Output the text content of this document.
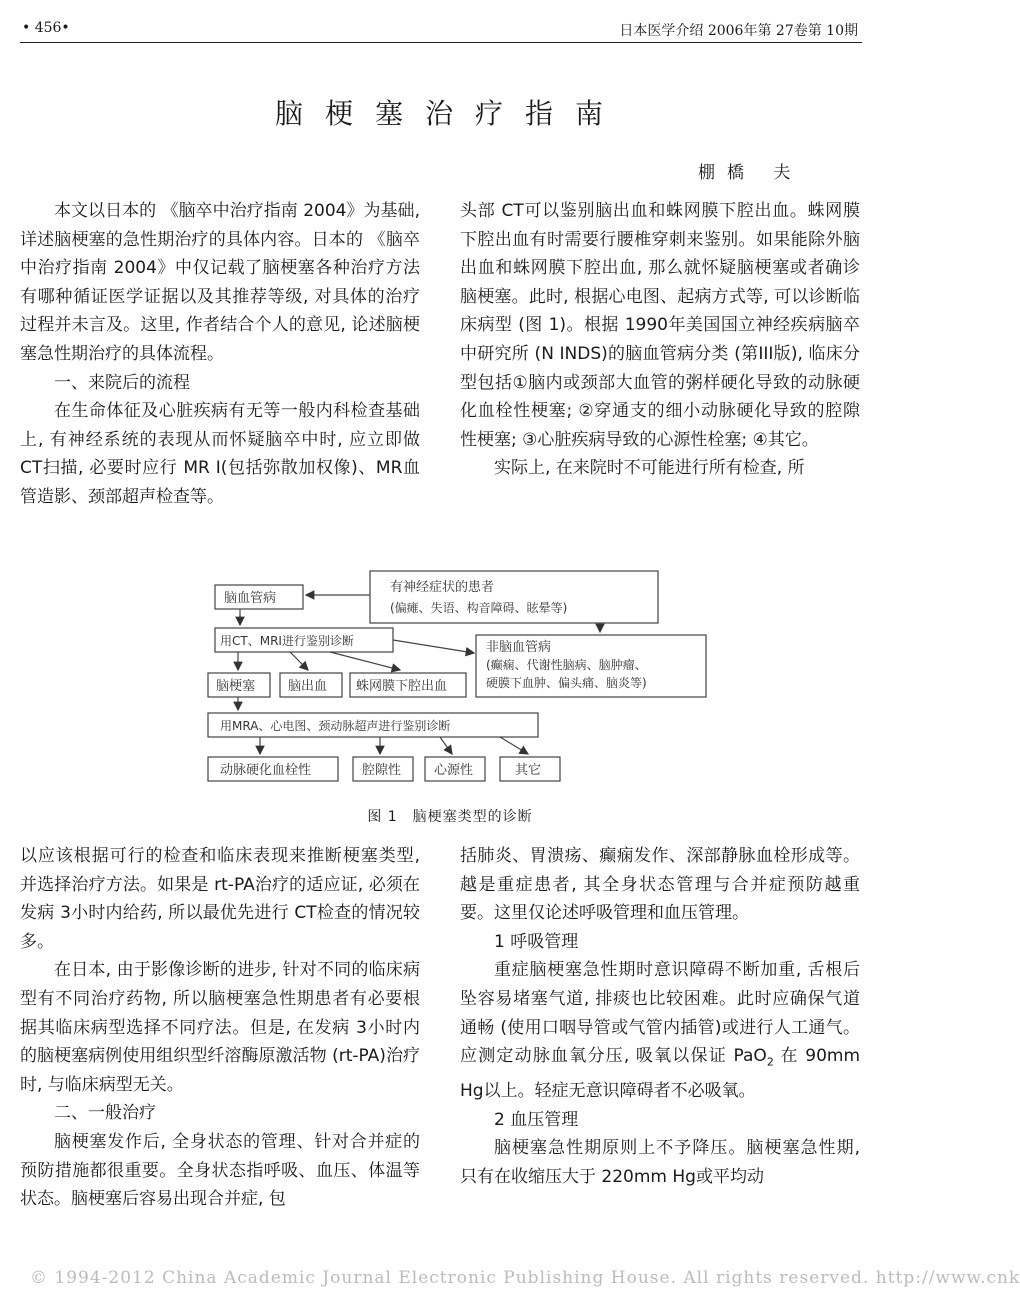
• 456•	日本医学介绍 2006年第 27卷第 10期
脑梗塞治疗指南
棚橋 夫

本文以日本的 《脑卒中治疗指南 2004》为基础, 详述脑梗塞的急性期治疗的具体内容。日本的 《脑卒中治疗指南 2004》中仅记载了脑梗塞各种治疗方法有哪种循证医学证据以及其推荐等级, 对具体的治疗过程并未言及。这里, 作者结合个人的意见, 论述脑梗塞急性期治疗的具体流程。

一、来院后的流程

在生命体征及心脏疾病有无等一般内科检查基础上, 有神经系统的表现从而怀疑脑卒中时, 应立即做 CT扫描, 必要时应行 MR I(包括弥散加权像)、MR血管造影、颈部超声检查等。

头部 CT可以鉴别脑出血和蛛网膜下腔出血。蛛网膜下腔出血有时需要行腰椎穿刺来鉴别。如果能除外脑出血和蛛网膜下腔出血, 那么就怀疑脑梗塞或者确诊脑梗塞。此时, 根据心电图、起病方式等, 可以诊断临床病型 (图 1)。根据 1990年美国国立神经疾病脑卒中研究所 (N INDS)的脑血管病分类 (第III版), 临床分型包括①脑内或颈部大血管的粥样硬化导致的动脉硬化血栓性梗塞; ②穿通支的细小动脉硬化导致的腔隙性梗塞; ③心脏疾病导致的心源性栓塞; ④其它。

实际上, 在来院时不可能进行所有检查, 所

有神经症状的患者
(偏瘫、失语、构音障碍、眩晕等)
脑血管病
用CT、MRI进行鉴别诊断	非脑血管病
(癫痫、代谢性脑病、脑肿瘤、
硬膜下血肿、偏头痛、脑炎等)
脑梗塞	脑出血 蛛网膜下腔出血
用MRA、心电图、颈动脉超声进行鉴别诊断
动脉硬化血栓性	腔隙性	心源性	其它
图 1　脑梗塞类型的诊断

以应该根据可行的检查和临床表现来推断梗塞类型, 并选择治疗方法。如果是 rt-PA治疗的适应证, 必须在发病 3小时内给药, 所以最优先进行 CT检查的情况较多。

在日本, 由于影像诊断的进步, 针对不同的临床病型有不同治疗药物, 所以脑梗塞急性期患者有必要根据其临床病型选择不同疗法。但是, 在发病 3小时内的脑梗塞病例使用组织型纤溶酶原激活物 (rt-PA)治疗时, 与临床病型无关。

二、一般治疗

脑梗塞发作后, 全身状态的管理、针对合并症的预防措施都很重要。全身状态指呼吸、血压、体温等状态。脑梗塞后容易出现合并症, 包

括肺炎、胃溃疡、癫痫发作、深部静脉血栓形成等。越是重症患者, 其全身状态管理与合并症预防越重要。这里仅论述呼吸管理和血压管理。

1 呼吸管理

重症脑梗塞急性期时意识障碍不断加重, 舌根后坠容易堵塞气道, 排痰也比较困难。此时应确保气道通畅 (使用口咽导管或气管内插管)或进行人工通气。应测定动脉血氧分压, 吸氧以保证 PaO$_2$ 在 90mm Hg以上。轻症无意识障碍者不必吸氧。

2 血压管理

脑梗塞急性期原则上不予降压。脑梗塞急性期, 只有在收缩压大于 220mm Hg或平均动

© 1994-2012 China Academic Journal Electronic Publishing House. All rights reserved. http://www.cnk
